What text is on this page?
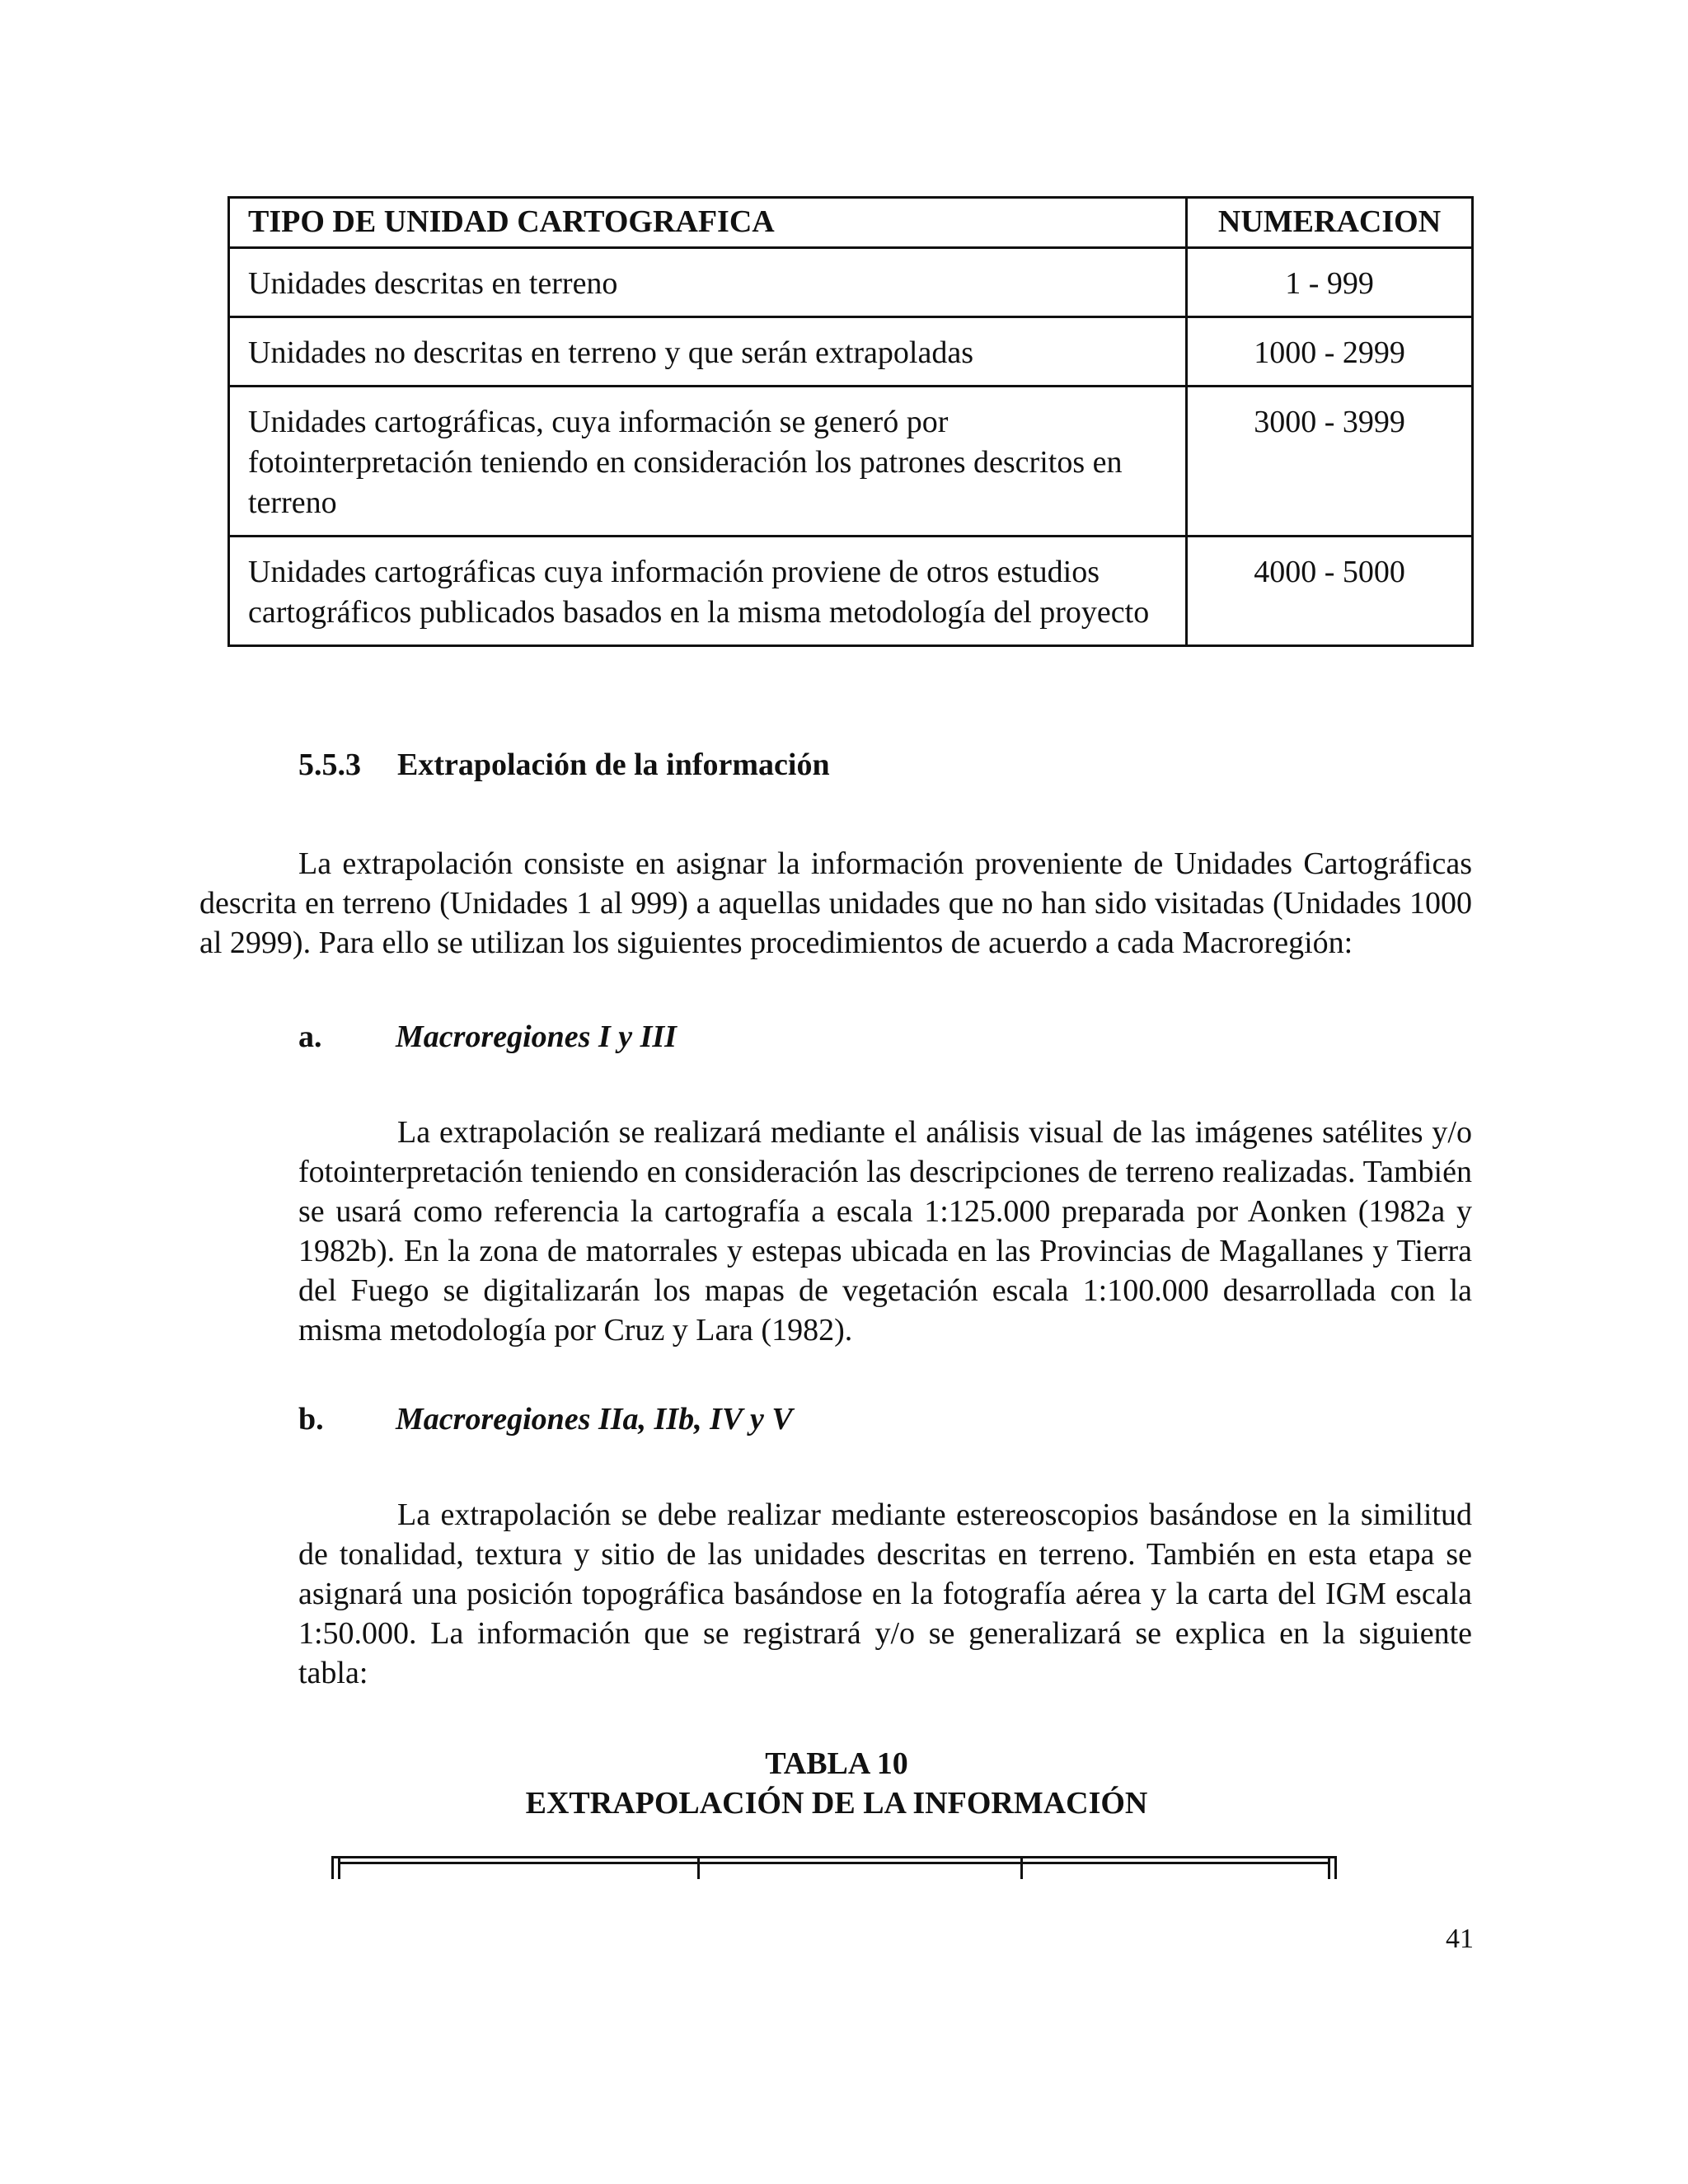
TIPO DE UNIDAD CARTOGRAFICA	NUMERACION
Unidades descritas en terreno	1 - 999
Unidades no descritas en terreno y que serán extrapoladas	1000 - 2999
Unidades cartográficas, cuya información se generó por fotointerpretación teniendo en consideración los patrones descritos en terreno	3000 - 3999
Unidades cartográficas cuya información proviene de otros estudios cartográficos publicados basados en la misma metodología del proyecto	4000 - 5000
5.5.3 Extrapolación de la información
La extrapolación consiste en asignar la información proveniente de Unidades Cartográficas descrita en terreno (Unidades 1 al 999) a aquellas unidades que no han sido visitadas (Unidades 1000 al 2999). Para ello se utilizan los siguientes procedimientos de acuerdo a cada Macroregión:
a. Macroregiones I y III
La extrapolación se realizará mediante el análisis visual de las imágenes satélites y/o fotointerpretación teniendo en consideración las descripciones de terreno realizadas. También se usará como referencia la cartografía a escala 1:125.000 preparada por Aonken (1982a y 1982b). En la zona de matorrales y estepas ubicada en las Provincias de Magallanes y Tierra del Fuego se digitalizarán los mapas de vegetación escala 1:100.000 desarrollada con la misma metodología por Cruz y Lara (1982).
b. Macroregiones IIa, IIb, IV y V
La extrapolación se debe realizar mediante estereoscopios basándose en la similitud de tonalidad, textura y sitio de las unidades descritas en terreno. También en esta etapa se asignará una posición topográfica basándose en la fotografía aérea y la carta del IGM escala 1:50.000. La información que se registrará y/o se generalizará se explica en la siguiente tabla:
TABLA 10
EXTRAPOLACIÓN DE LA INFORMACIÓN
41
